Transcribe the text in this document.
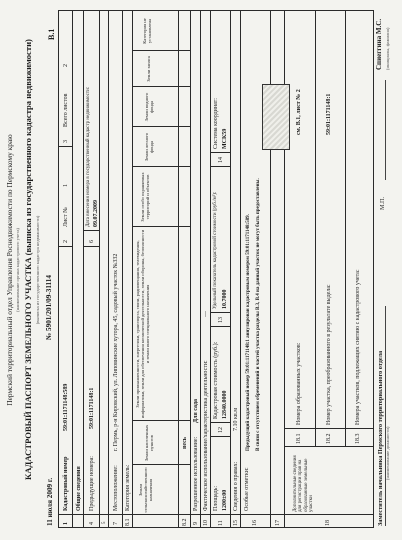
Пермский территориальный отдел Управления Роснедвижимости по Пермскому краю (наименование органа кадастрового учета) КАДАСТРОВЫЙ ПАСПОРТ ЗЕМЕЛЬНОГО УЧАСТКА (выписка из государственного кадастра недвижимости) (выписка из государственного кадастра недвижимости)
11 июля 2009 г.
№ 5901/201/09-31114
В.1
1
Кадастровый номер
59:01:1171148:589
2
Лист №
1
3
Всего листов
2
Общие сведения
4
Предыдущие номера:
59:01:1171148:1
6
Дата внесения номера в государственный кадастр недвижимости: 09.07.2009
5 7
Местоположение:
г. Пермь, р-н Кировский, ул. Липовинские хутора, 45, садовый участок №332
8.1
Категория земель: Земли сельскохозяйственного назначения
Земли населенных пунктов
Земли промышленности, энергетики, транспорта, связи, радиовещания, телевидения, информатики, земли для обеспечения космической деятельности, земли обороны, безопасности и земли иного специального назначения
Земли особо охраняемых территорий и объектов
Земли лесного фонда
Земли водного фонда
Земли запаса
Категория не установлена
8.2
весь
9
Разрешенное использование:
Для сада
10
Фактическое использование/характеристика деятельности:
—
11
Площадь: 1200±00
12
Кадастровая стоимость (руб.): 12840.0000
13
Удельный показатель кадастровой стоимости (руб./м²): 10.7000
14
Система координат: МСК59
15
Сведения о правах:
7.10 кв.м
16
Особые отметки:
Предыдущий кадастровый номер 59:01:1171148:1 аннулирован кадастровым номером 59:01:1171148:589. В связи с отсутствием обременений и частей участка разделы В.3, В.4 на данный участок не могут быть предоставлены.
17	18
Дополнительные сведения для регистрации прав на образованные земельные участки
18.1
Номера образованных участков:
см. В.1, лист № 2
18.2
Номер участка, преобразованного в результате выдела:
59:01:1171148:1
18.3
Номера участков, подлежащих снятию с кадастрового учета:
Заместитель начальника Пермского территориального отдела (наименование должности)
М.П.
Спиеггина М.С. (инициалы, фамилия)
